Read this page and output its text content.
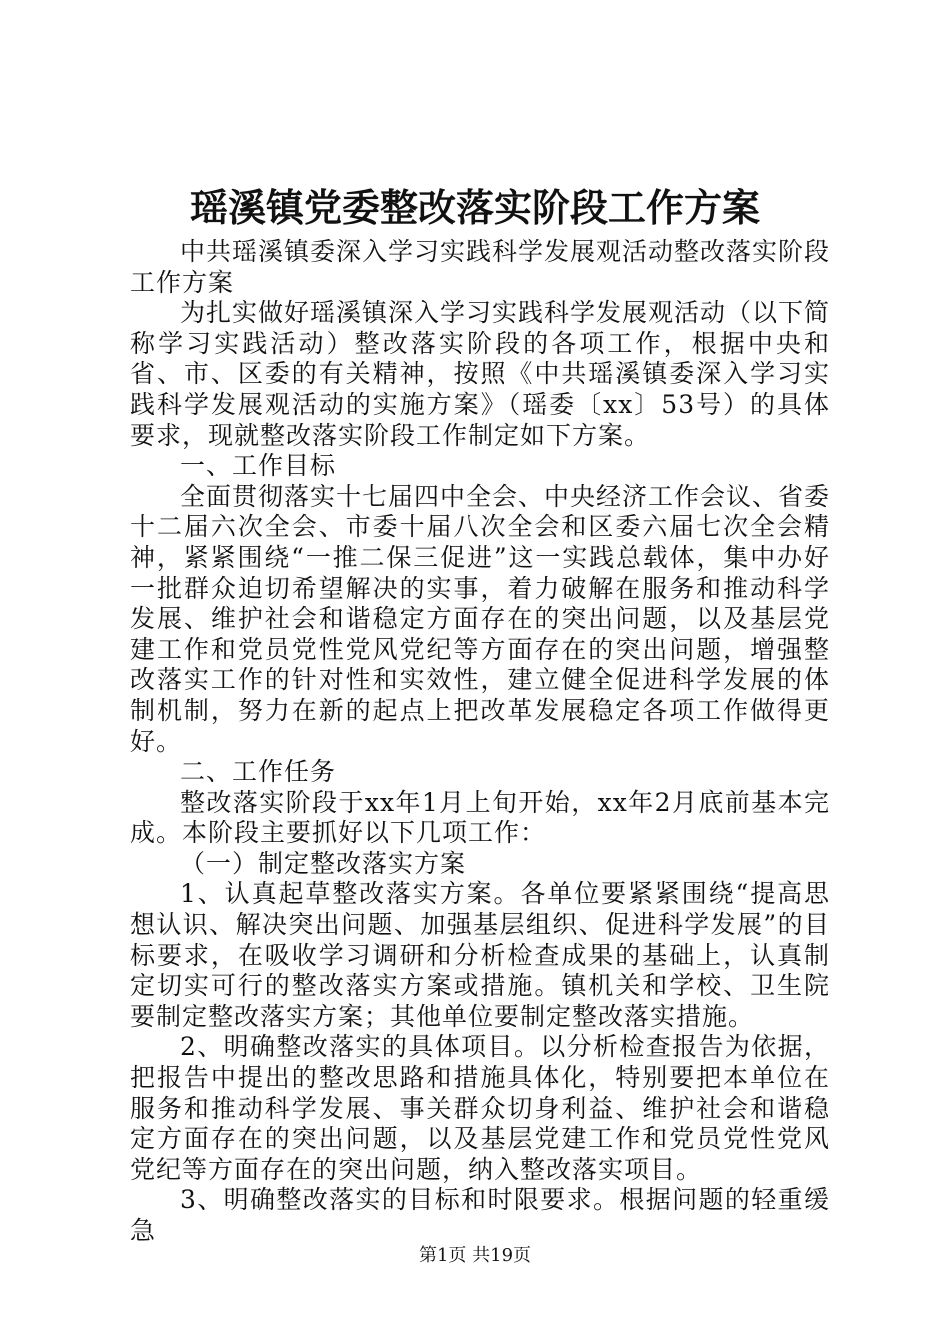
瑶溪镇党委整改落实阶段工作方案

中共瑶溪镇委深入学习实践科学发展观活动整改落实阶段工作方案

为扎实做好瑶溪镇深入学习实践科学发展观活动（以下简称学习实践活动）整改落实阶段的各项工作，根据中央和省、市、区委的有关精神，按照《中共瑶溪镇委深入学习实践科学发展观活动的实施方案》（瑶委〔xx〕53号）的具体要求，现就整改落实阶段工作制定如下方案。

一、工作目标

全面贯彻落实十七届四中全会、中央经济工作会议、省委十二届六次全会、市委十届八次全会和区委六届七次全会精神，紧紧围绕“一推二保三促进”这一实践总载体，集中办好一批群众迫切希望解决的实事，着力破解在服务和推动科学发展、维护社会和谐稳定方面存在的突出问题，以及基层党建工作和党员党性党风党纪等方面存在的突出问题，增强整改落实工作的针对性和实效性，建立健全促进科学发展的体制机制，努力在新的起点上把改革发展稳定各项工作做得更好。

二、工作任务

整改落实阶段于xx年1月上旬开始，xx年2月底前基本完成。本阶段主要抓好以下几项工作：

（一）制定整改落实方案

1、认真起草整改落实方案。各单位要紧紧围绕“提高思想认识、解决突出问题、加强基层组织、促进科学发展”的目标要求，在吸收学习调研和分析检查成果的基础上，认真制定切实可行的整改落实方案或措施。镇机关和学校、卫生院要制定整改落实方案；其他单位要制定整改落实措施。

2、明确整改落实的具体项目。以分析检查报告为依据，把报告中提出的整改思路和措施具体化，特别要把本单位在服务和推动科学发展、事关群众切身利益、维护社会和谐稳定方面存在的突出问题，以及基层党建工作和党员党性党风党纪等方面存在的突出问题，纳入整改落实项目。

3、明确整改落实的目标和时限要求。根据问题的轻重缓急

第1页 共19页
